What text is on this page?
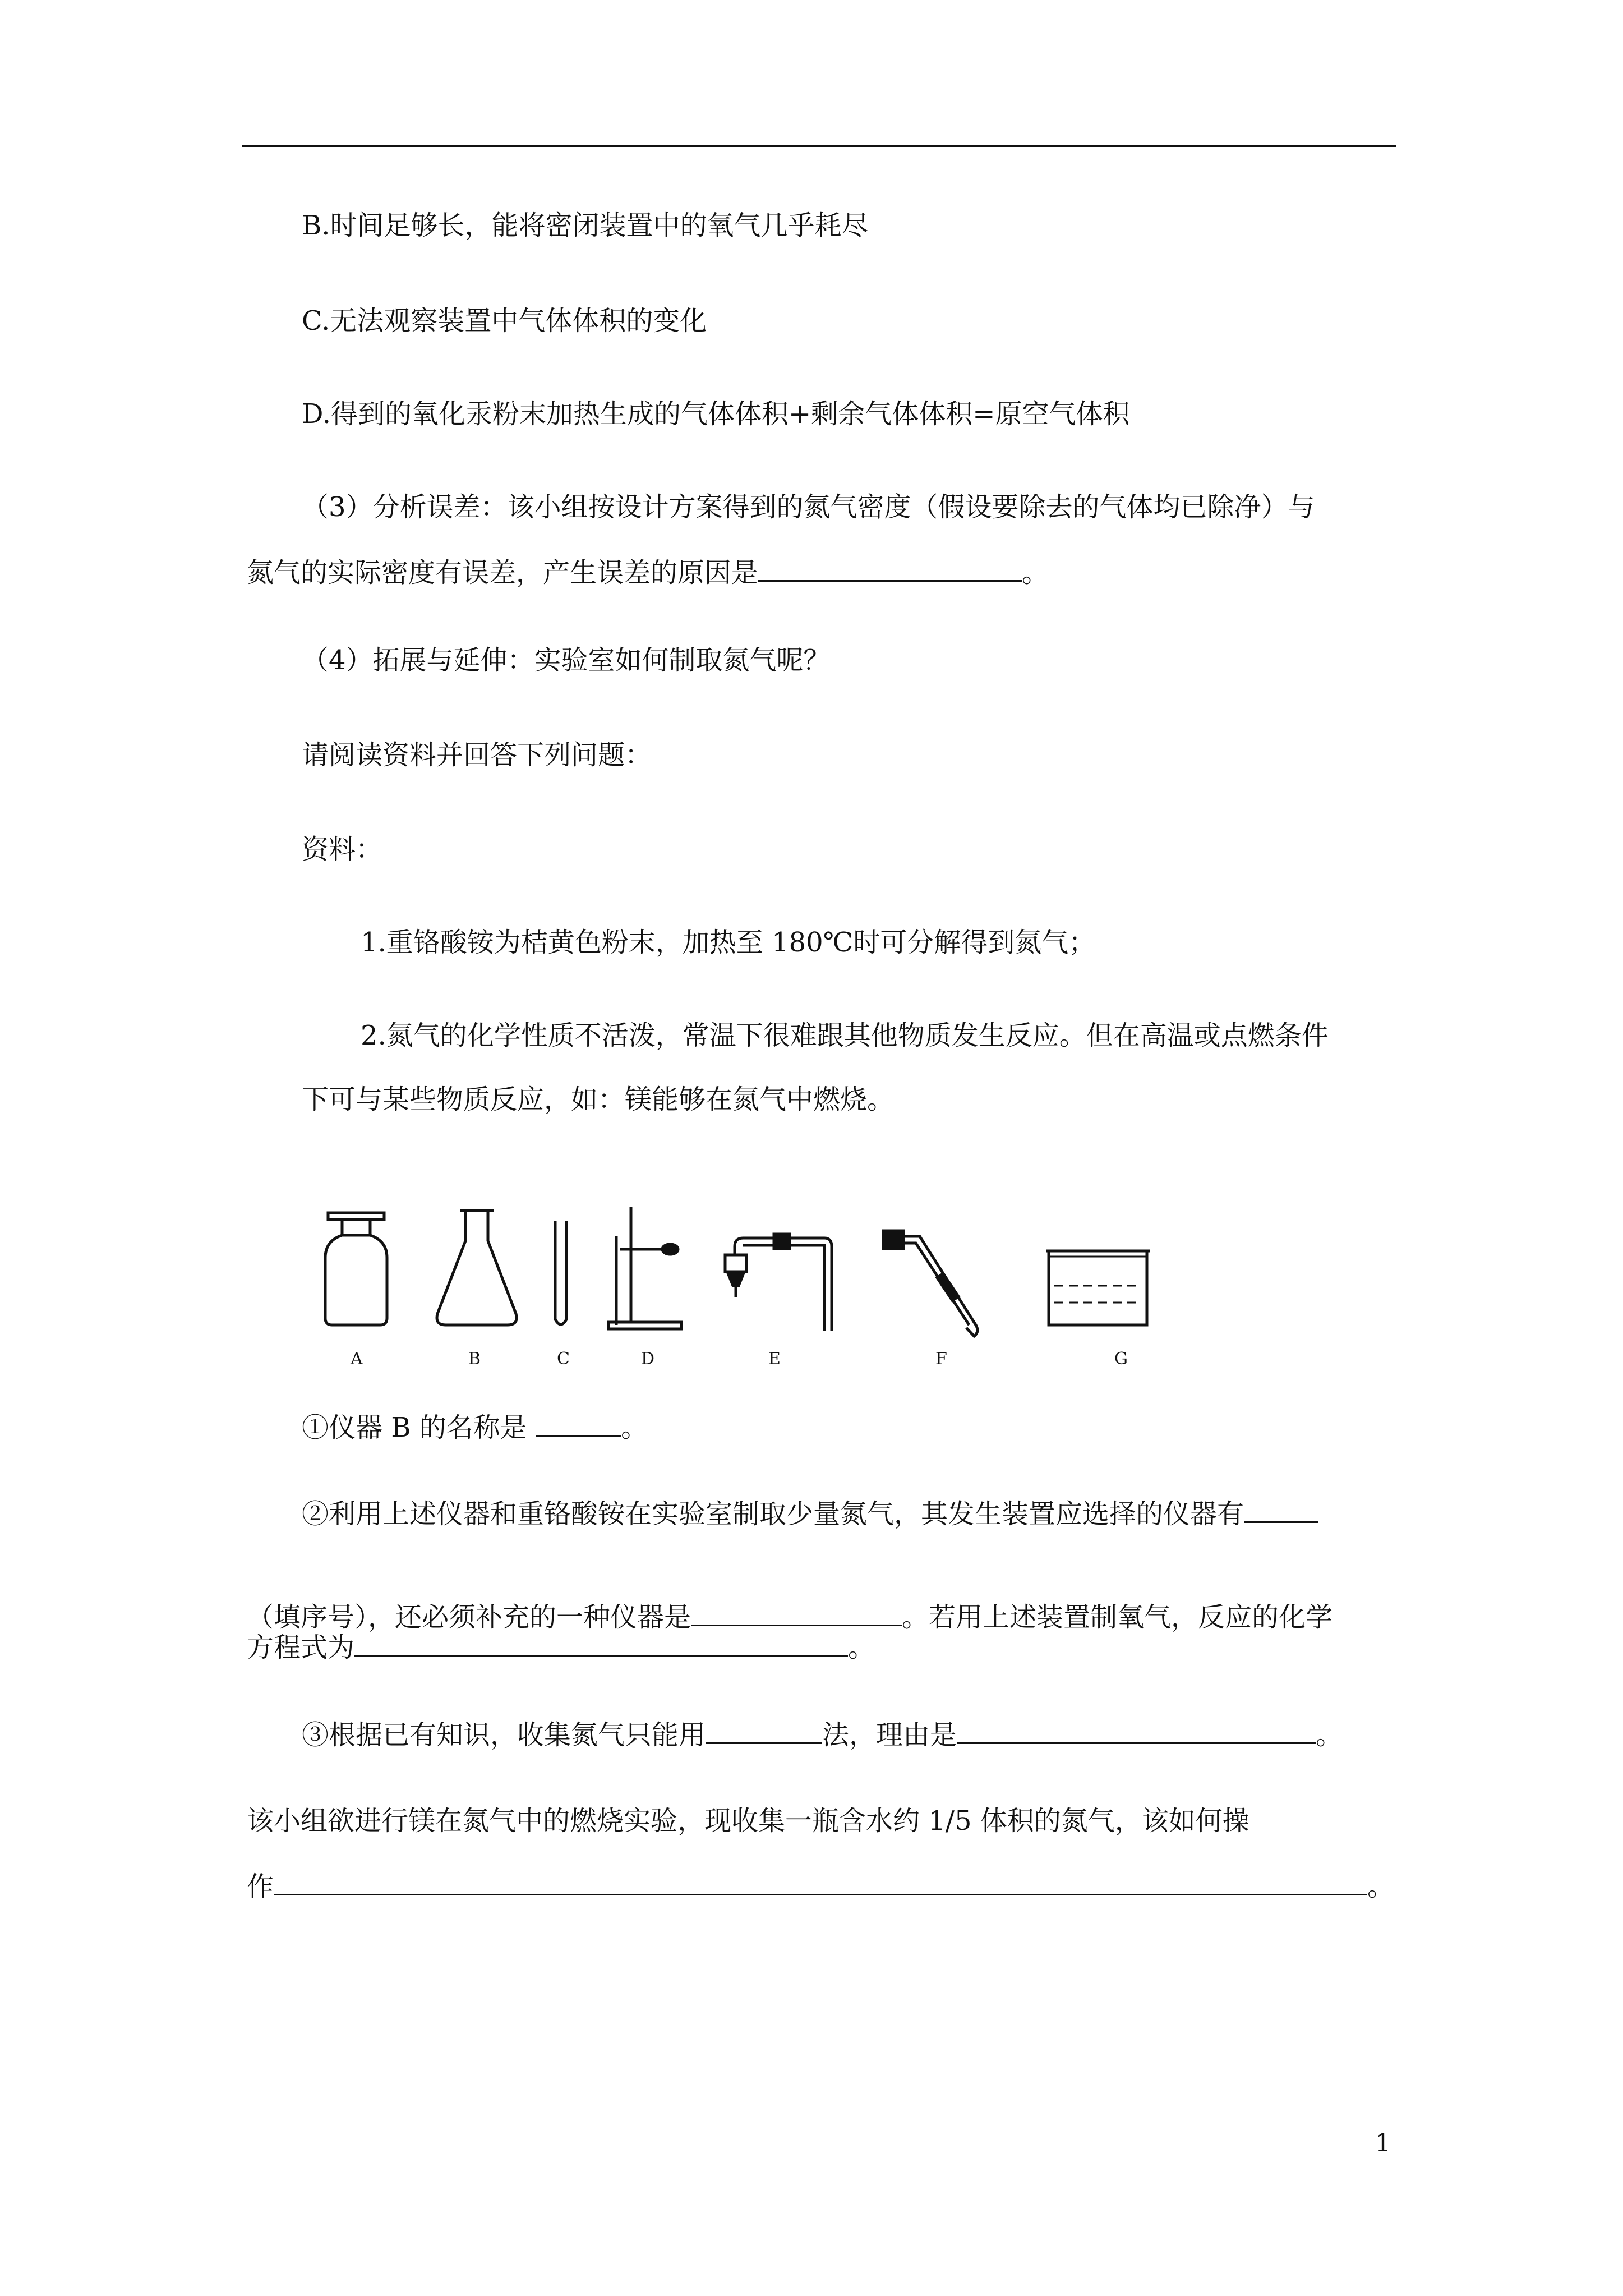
B.时间足够长，能将密闭装置中的氧气几乎耗尽
C.无法观察装置中气体体积的变化
D.得到的氧化汞粉末加热生成的气体体积+剩余气体体积=原空气体积
（3）分析误差：该小组按设计方案得到的氮气密度（假设要除去的气体均已除净）与
氮气的实际密度有误差，产生误差的原因是	。
（4）拓展与延伸：实验室如何制取氮气呢？
请阅读资料并回答下列问题：
资料：
1.重铬酸铵为桔黄色粉末，加热至 180℃时可分解得到氮气；
2.氮气的化学性质不活泼，常温下很难跟其他物质发生反应。但在高温或点燃条件
下可与某些物质反应，如：镁能够在氮气中燃烧。
A	B	C	D	E	F	G
①仪器 B 的名称是	。
②利用上述仪器和重铬酸铵在实验室制取少量氮气，其发生装置应选择的仪器有
（填序号），还必须补充的一种仪器是	。若用上述装置制氧气，反应的化学
方程式为	。
③根据已有知识，收集氮气只能用	法，理由是	。
该小组欲进行镁在氮气中的燃烧实验，现收集一瓶含水约 1/5 体积的氮气，该如何操
作	。
1
